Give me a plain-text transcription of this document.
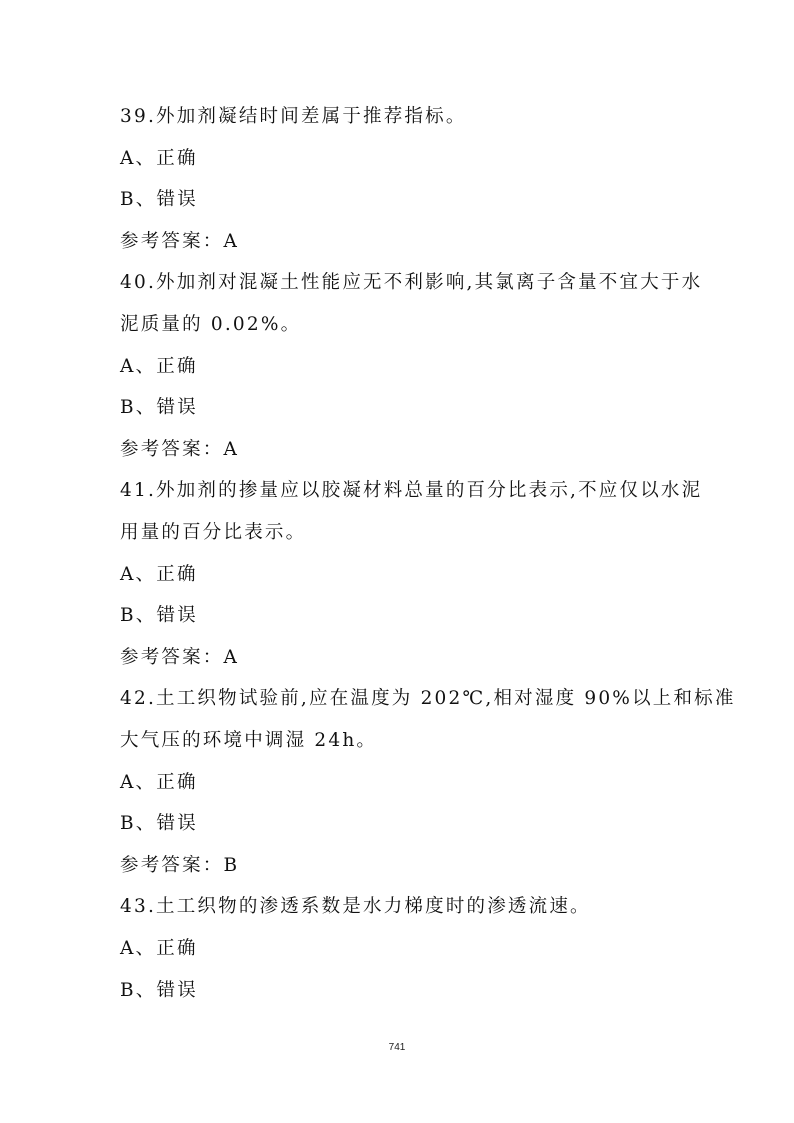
39.外加剂凝结时间差属于推荐指标。
A、正确
B、错误
参考答案：A
40.外加剂对混凝土性能应无不利影响,其氯离子含量不宜大于水
泥质量的 0.02%。
A、正确
B、错误
参考答案：A
41.外加剂的掺量应以胶凝材料总量的百分比表示,不应仅以水泥
用量的百分比表示。
A、正确
B、错误
参考答案：A
42.土工织物试验前,应在温度为 202℃,相对湿度 90%以上和标准
大气压的环境中调湿 24h。
A、正确
B、错误
参考答案：B
43.土工织物的渗透系数是水力梯度时的渗透流速。
A、正确
B、错误
741
